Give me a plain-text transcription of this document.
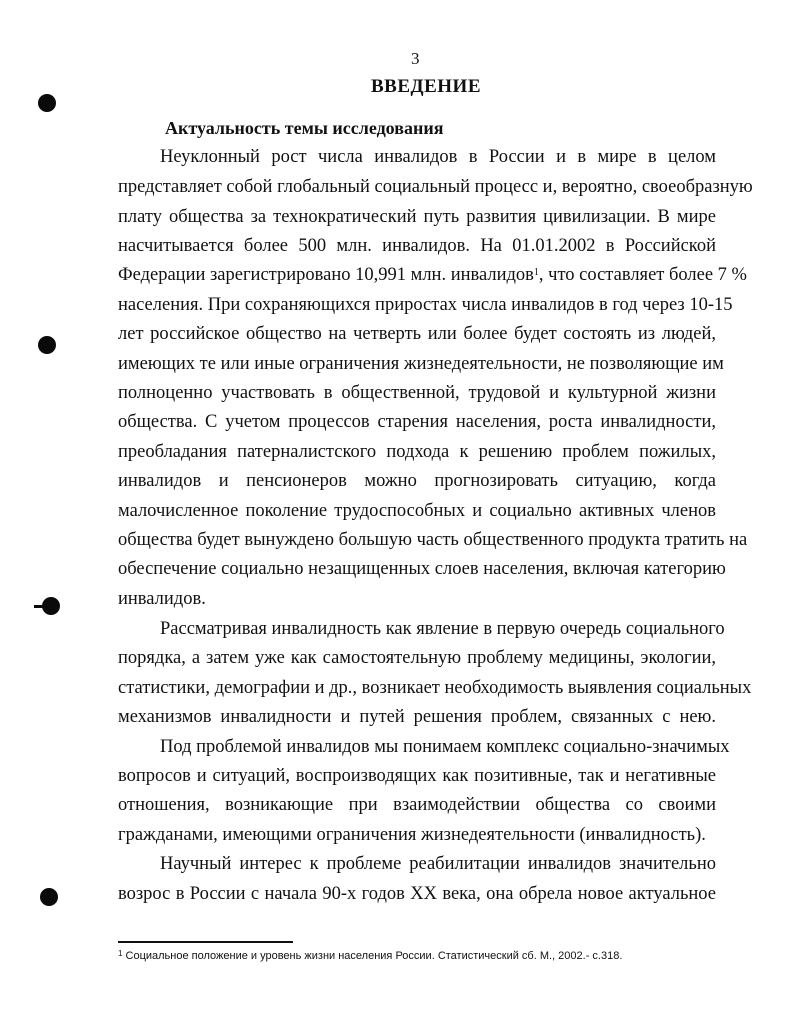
3
ВВЕДЕНИЕ
Актуальность темы исследования
Неуклонный рост числа инвалидов в России и в мире в целом
представляет собой глобальный социальный процесс и, вероятно, своеобразную
плату общества за технократический путь развития цивилизации. В мире
насчитывается более 500 млн. инвалидов. На 01.01.2002 в Российской
Федерации зарегистрировано 10,991 млн. инвалидов$^1$, что составляет более 7 %
населения. При сохраняющихся приростах числа инвалидов в год через 10-15
лет российское общество на четверть или более будет состоять из людей,
имеющих те или иные ограничения жизнедеятельности, не позволяющие им
полноценно участвовать в общественной, трудовой и культурной жизни
общества. С учетом процессов старения населения, роста инвалидности,
преобладания патерналистского подхода к решению проблем пожилых,
инвалидов и пенсионеров можно прогнозировать ситуацию, когда
малочисленное поколение трудоспособных и социально активных членов
общества будет вынуждено большую часть общественного продукта тратить на
обеспечение социально незащищенных слоев населения, включая категорию
инвалидов.
Рассматривая инвалидность как явление в первую очередь социального
порядка, а затем уже как самостоятельную проблему медицины, экологии,
статистики, демографии и др., возникает необходимость выявления социальных
механизмов инвалидности и путей решения проблем, связанных с нею.
Под проблемой инвалидов мы понимаем комплекс социально-значимых
вопросов и ситуаций, воспроизводящих как позитивные, так и негативные
отношения, возникающие при взаимодействии общества со своими
гражданами, имеющими ограничения жизнедеятельности (инвалидность).
Научный интерес к проблеме реабилитации инвалидов значительно
возрос в России с начала 90-х годов XX века, она обрела новое актуальное
$^1$ Социальное положение и уровень жизни населения России. Статистический сб. М., 2002.- с.318.
